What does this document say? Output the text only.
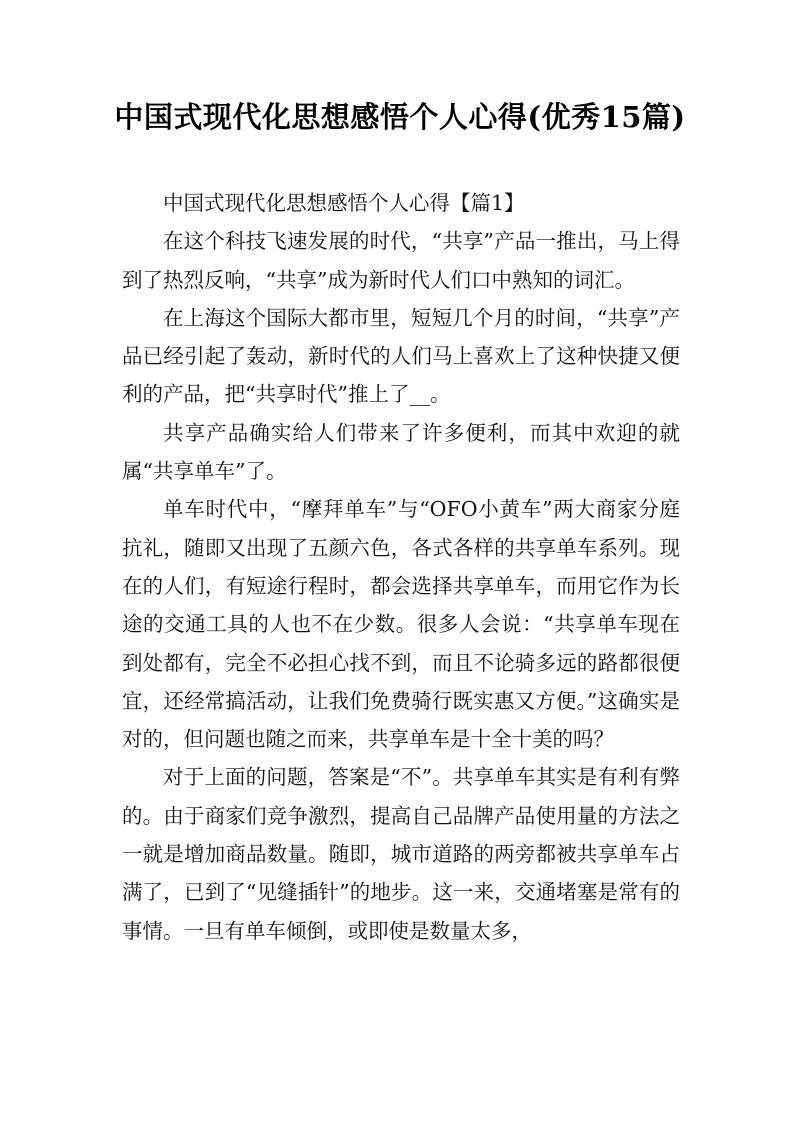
中国式现代化思想感悟个人心得(优秀15篇)

中国式现代化思想感悟个人心得【篇1】

在这个科技飞速发展的时代，“共享”产品一推出，马上得到了热烈反响，“共享”成为新时代人们口中熟知的词汇。

在上海这个国际大都市里，短短几个月的时间，“共享”产品已经引起了轰动，新时代的人们马上喜欢上了这种快捷又便利的产品，把“共享时代”推上了__。

共享产品确实给人们带来了许多便利，而其中欢迎的就属“共享单车”了。

单车时代中，“摩拜单车”与“OFO小黄车”两大商家分庭抗礼，随即又出现了五颜六色，各式各样的共享单车系列。现在的人们，有短途行程时，都会选择共享单车，而用它作为长途的交通工具的人也不在少数。很多人会说：“共享单车现在到处都有，完全不必担心找不到，而且不论骑多远的路都很便宜，还经常搞活动，让我们免费骑行既实惠又方便。”这确实是对的，但问题也随之而来，共享单车是十全十美的吗？

对于上面的问题，答案是“不”。共享单车其实是有利有弊的。由于商家们竞争激烈，提高自己品牌产品使用量的方法之一就是增加商品数量。随即，城市道路的两旁都被共享单车占满了，已到了“见缝插针”的地步。这一来，交通堵塞是常有的事情。一旦有单车倾倒，或即使是数量太多，
